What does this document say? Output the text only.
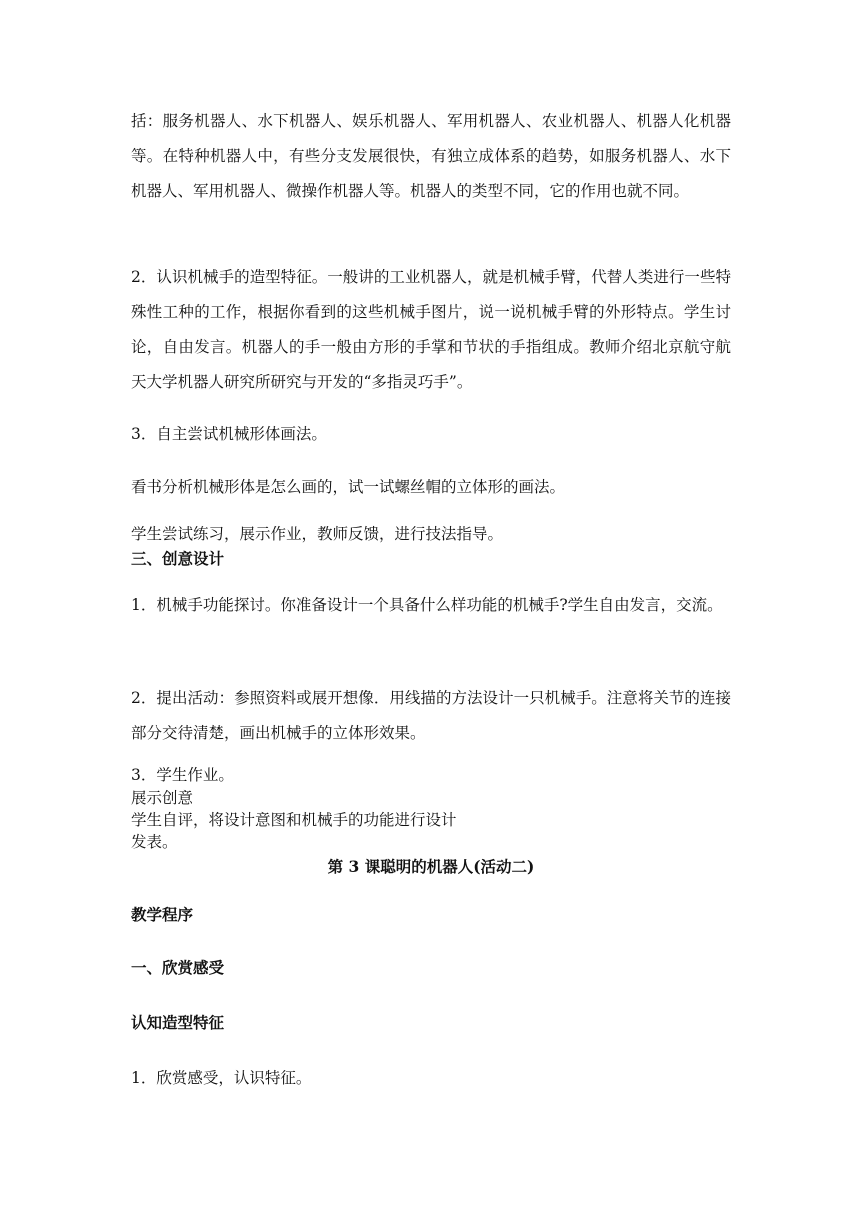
括：服务机器人、水下机器人、娱乐机器人、军用机器人、农业机器人、机器人化机器等。在特种机器人中，有些分支发展很快，有独立成体系的趋势，如服务机器人、水下机器人、军用机器人、微操作机器人等。机器人的类型不同，它的作用也就不同。
2．认识机械手的造型特征。一般讲的工业机器人，就是机械手臂，代替人类进行一些特殊性工种的工作，根据你看到的这些机械手图片，说一说机械手臂的外形特点。学生讨论，自由发言。机器人的手一般由方形的手掌和节状的手指组成。教师介绍北京航守航天大学机器人研究所研究与开发的“多指灵巧手”。
3．自主尝试机械形体画法。
看书分析机械形体是怎么画的，试一试螺丝帽的立体形的画法。
学生尝试练习，展示作业，教师反馈，进行技法指导。
三、创意设计
1．机械手功能探讨。你准备设计一个具备什么样功能的机械手?学生自由发言，交流。
2．提出活动：参照资料或展开想像．用线描的方法设计一只机械手。注意将关节的连接部分交待清楚，画出机械手的立体形效果。
3．学生作业。
展示创意
学生自评，将设计意图和机械手的功能进行设计
发表。
第 3 课聪明的机器人(活动二)
教学程序
一、欣赏感受
认知造型特征
1．欣赏感受，认识特征。
